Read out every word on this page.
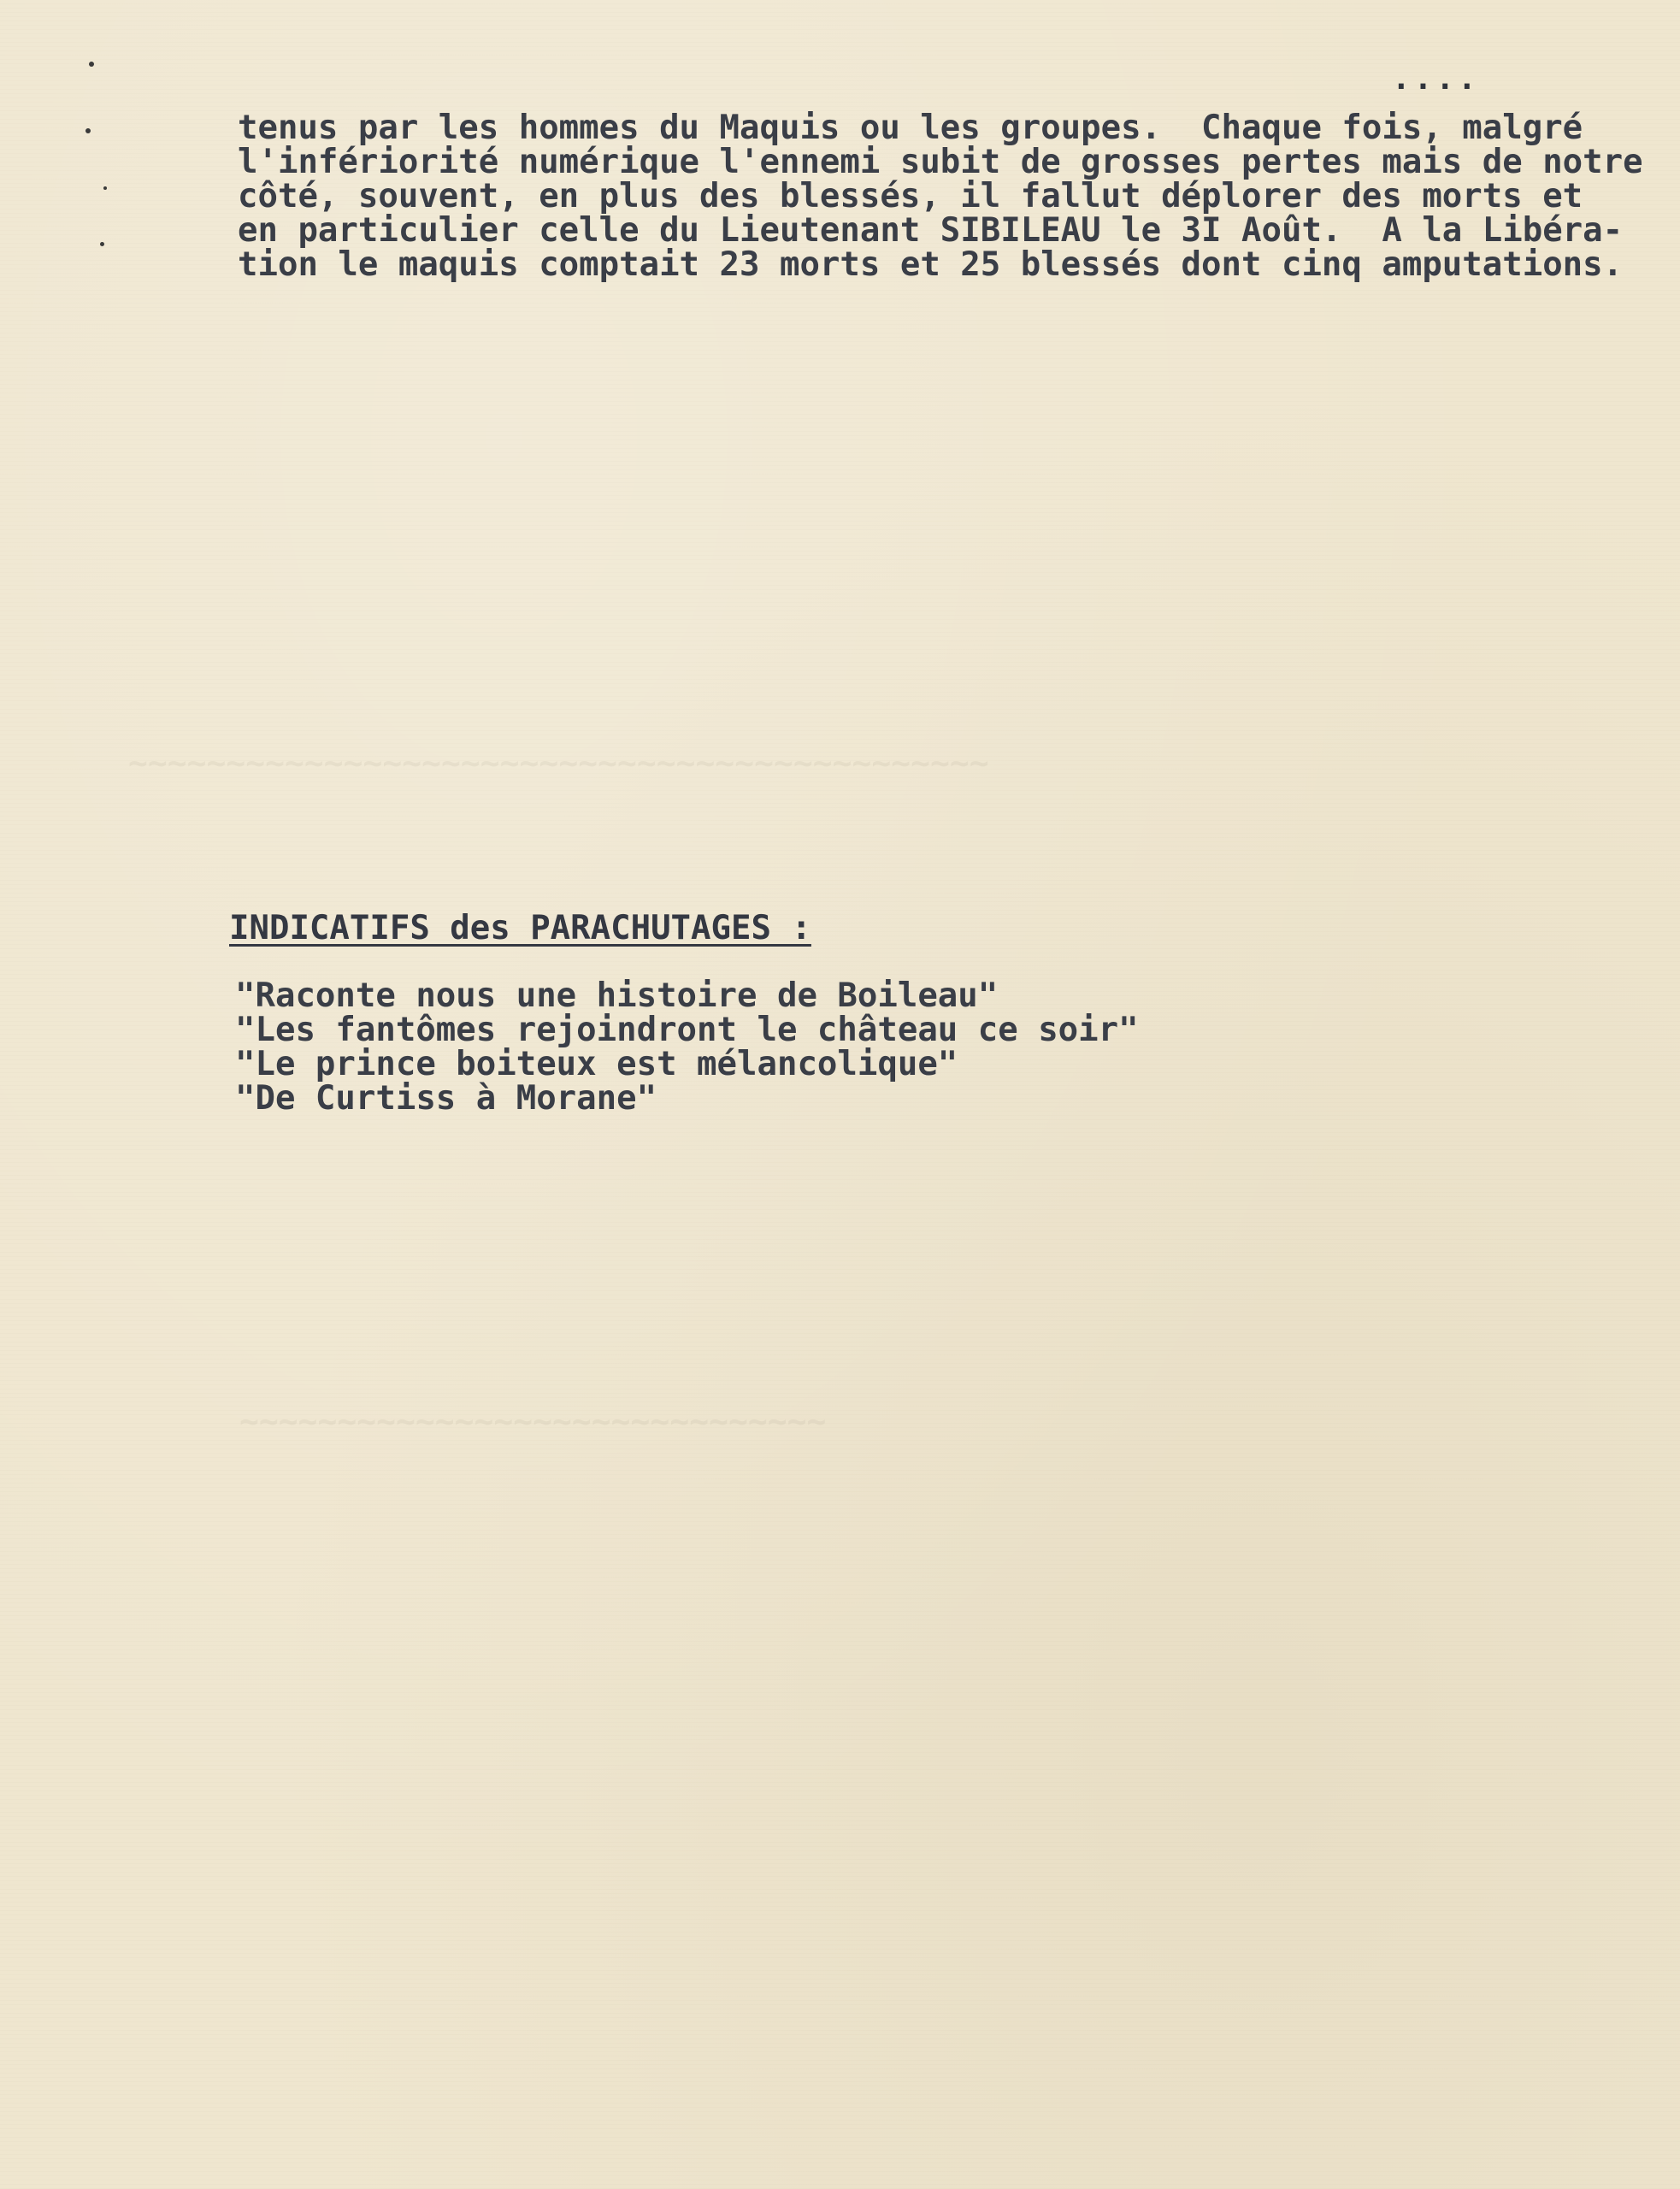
~~~~~~~~~~~~~~~~~~~~~~~~~~~~~~~~~~~~~~~~~~~~
~~~~~~~~~~~~~~~~~~~~~~~~~~~~~~
....
tenus par les hommes du Maquis ou les groupes.  Chaque fois, malgré
l'infériorité numérique l'ennemi subit de grosses pertes mais de notre
côté, souvent, en plus des blessés, il fallut déplorer des morts et
en particulier celle du Lieutenant SIBILEAU le 3I Août.  A la Libéra-
tion le maquis comptait 23 morts et 25 blessés dont cinq amputations.
INDICATIFS des PARACHUTAGES :
"Raconte nous une histoire de Boileau"
"Les fantômes rejoindront le château ce soir"
"Le prince boiteux est mélancolique"
"De Curtiss à Morane"
